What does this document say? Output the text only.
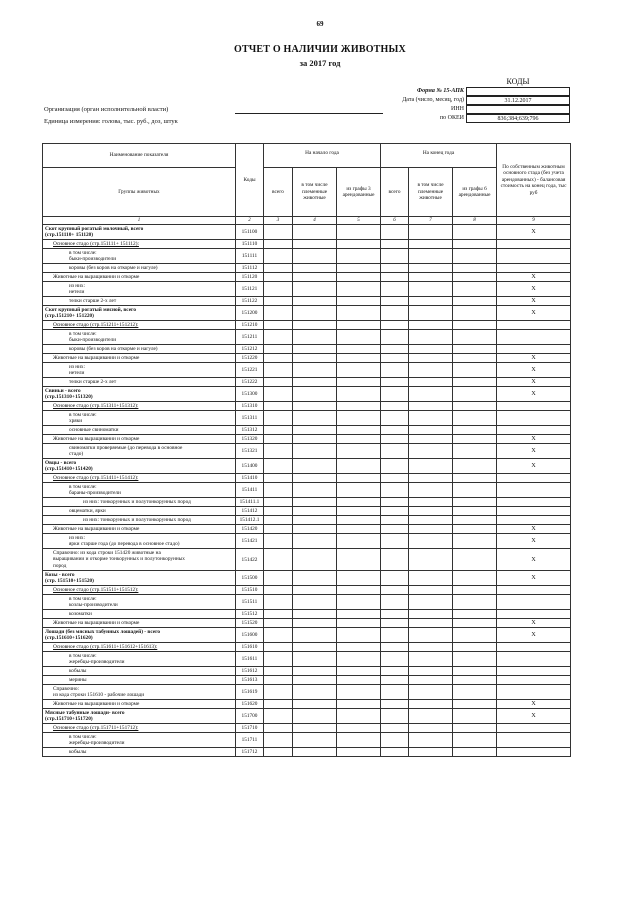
69
ОТЧЕТ О НАЛИЧИИ ЖИВОТНЫХ
за 2017 год
КОДЫ
Форма № 15-АПК
Дата (число, месяц, год)	31.12.2017
ИНН
по ОКЕИ	836;384;639;796
Организация (орган исполнительной власти)
Единица измерения: голова, тыс. руб., доз, штук
Наименование показателя	Коды	На начало года			На конец года			По собственным животным основного стада (без учета арендованных) - балансовая стоимость на конец года, тыс руб
Группы животных		всего	в том числе племенные животные	из графы 3 арендованные	всего	в том числе племенные животные	из графы 6 арендованные	
1	2	3	4	5	6	7	8	9

Скот крупный рогатый молочный, всего
(стр.151110+ 151120)	151100							X

Основное стадо (стр.151111+ 151112):	151110							

в том числе:
быки-производители	151111							

коровы (без коров на откорме и нагуле)	151112							

Животные на выращивании и откорме	151120							X

из них:
нетели	151121							X

телки старше 2-х лет	151122							X

Скот крупный рогатый мясной, всего
(стр.151210+ 151220)	151200							X

Основное стадо (стр.151211+151212):	151210							

в том числе:
быки-производители	151211							

коровы (без коров на откорме и нагуле)	151212							

Животные на выращивании и откорме	151220							X

из них:
нетели	151221							X

телки старше 2-х лет	151222							X

Свиньи - всего
(стр.151310+151320)	151300							X

Основное стадо (стр.151311+151312):	151310							

в том числе:
хряки	151311							

основные свиноматки	151312							

Животные на выращивании и откорме	151320							X

свиноматки проверяемые (до перевода в основное
стадо)	151321							X

Овцы - всего
(стр.151410+151420)	151400							X

Основное стадо (стр.151411+151412):	151410							

в том числе:
бараны-производители	151411							

из них: тонкорунных и полутонкорунных пород	151411.1							

овцематки, ярки	151412							

из них: тонкорунных и полутонкорунных пород	151412.1							

Животные на выращивании и откорме	151420							X

из них:
ярки старше года (до перевода в основное стадо)	151421							X

Справочно: из кода строки 151420 животные на
выращивании и откорме тонкорунных и полутонкорунных
пород	151422							X

Козы - всего
(стр. 151510+151520)	151500							X

Основное стадо (стр.151511+151512):	151510							

в том числе:
козлы-производители	151511							

козоматки	151512							

Животные на выращивании и откорме	151520							X

Лошади (без мясных табунных лошадей) - всего
(стр.151610+151620)	151600							X

Основное стадо (стр.151611+151612+151613):	151610							

в том числе:
жеребцы-производители	151611							

кобылы	151612							

мерины	151613							

Справочно:
из кода строки 151610 - рабочие лошади	151619							

Животные на выращивании и откорме	151620							X

Мясные табунные лошади- всего
(стр.151710+151720)	151700							X

Основное стадо (стр.151711+151712):	151710							

в том числе:
жеребцы-производители	151711							

кобылы	151712							
